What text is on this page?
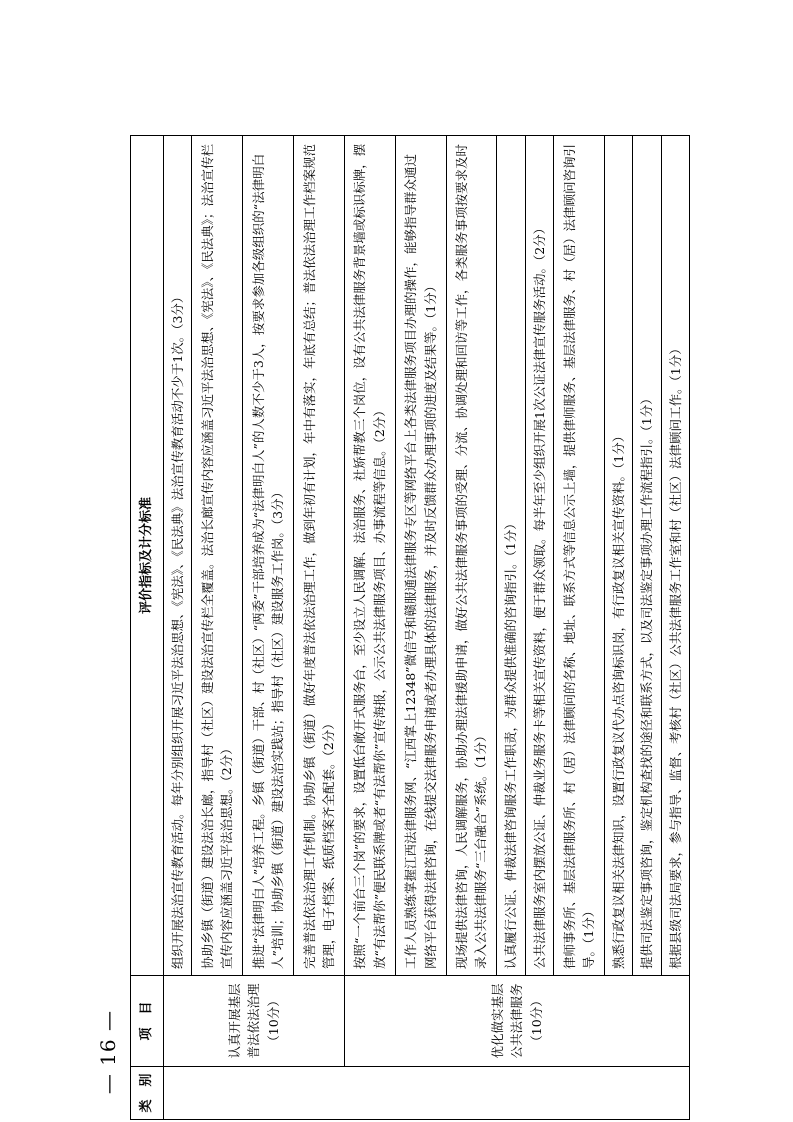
— 16 — 类　别	项　目	评价指标及计分标准
	认真开展基层普法依法治理（10分）	组织开展法治宣传教育活动。每年分别组织开展习近平法治思想、《宪法》、《民法典》法治宣传教育活动不少于1次。（3分）
		协助乡镇（街道）建设法治长廊，指导村（社区）建设法治宣传栏全覆盖。法治长廊宣传内容应涵盖习近平法治思想、《宪法》、《民法典》；法治宣传栏宣传内容应涵盖习近平法治思想。（2分）
		推进“法律明白人”培养工程。乡镇（街道）干部、村（社区）“两委”干部培养成为“法律明白人”的人数不少于3人，按要求参加各级组织的“法律明白人”培训；协助乡镇（街道）建设法治实践站；指导村（社区）建设服务工作岗。（3分）
		完善普法依法治理工作机制。协助乡镇（街道）做好年度普法依法治理工作，做到年初有计划，年中有落实，年底有总结；普法依法治理工作档案规范管理，电子档案、纸质档案齐全配套。（2分）
	优化做实基层公共法律服务（10分）	按照“一个前台三个岗”的要求，设置低台敞开式服务台，至少设立人民调解、法治服务、社矫帮教三个岗位，设有公共法律服务背景墙或标识标牌，摆放“有法帮你”便民联系牌或者“有法帮你”宣传海报，公示公共法律服务项目、办事流程等信息。（2分）
		工作人员熟练掌握江西法律服务网、“江西掌上12348”微信号和赣服通法律服务专区等网络平台上各类法律服务项目办理的操作，能够指导群众通过网络平台获得法律咨询，在线提交法律服务申请或者办理具体的法律服务，并及时反馈群众办理事项的进度及结果等。（1分）
		现场提供法律咨询，人民调解服务，协助办理法律援助申请，做好公共法律服务事项的受理、分流、协调处理和回访等工作，各类服务事项按要求及时录入公共法律服务“三台融合”系统。（1分）
		认真履行公证、仲裁法律咨询服务工作职责，为群众提供准确的咨询指引。（1分）
		公共法律服务室内摆放公证、仲裁业务服务卡等相关宣传资料，便于群众领取。每半年至少组织开展1次公证法律宣传服务活动。（2分）
		律师事务所、基层法律服务所、村（居）法律顾问的名称、地址、联系方式等信息公示上墙，提供律师服务、基层法律服务、村（居）法律顾问咨询引导。（1分）
		熟悉行政复议相关法律知识，设置行政复议代办点咨询标识岗，有行政复议相关宣传资料。（1分）
		提供司法鉴定事项咨询，鉴定机构查找的途径和联系方式，以及司法鉴定事项办理工作流程指引。（1分）
		根据县级司法局要求，参与指导、监督、考核村（社区）公共法律服务工作室和村（社区）法律顾问工作。（1分）
